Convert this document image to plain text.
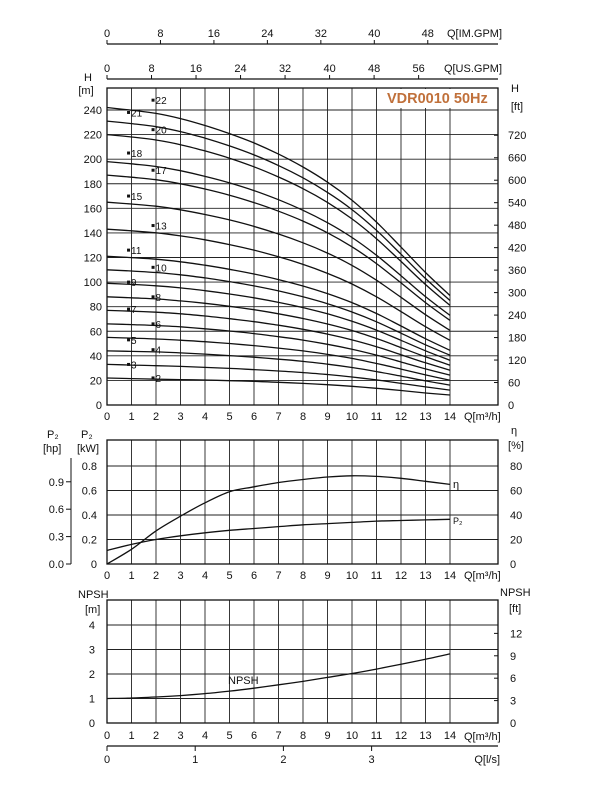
0	8	16	24	32	40	48 Q[IM.GPM]
0	8	16	24	32	40	48	56 Q[US.GPM]
0
20
40
60
80
100
120
140
160
180
200
220
240
0
60
120
180
240
300
360
420
480
540
600
660
720
0 1 2 3 4 5 6 7 8 9 10 11 12 13 14
H
[m]	H
[ft]
Q[m³/h]
22
21
20
18
17
15
13
11
10
9
8
7
6
5
4
3
2
0
0.2
0.4
0.6
0.8
0.0
0.3
0.6
0.9
0
20
40
60
80
0 1 2 3 4 5 6 7 8 9 10 11 12 13 14
P₂
[hp]
P₂
[kW]
η
[%]
Q[m³/h]
η
P₂
0
1
2
3
4
0
3
6
9
12
0 1 2 3 4 5 6 7 8 9 10 11 12 13 14
NPSH
[m]
NPSH
[ft]
Q[m³/h]
0	1	2	3	Q[l/s]
NPSH
VDR0010 50Hz
